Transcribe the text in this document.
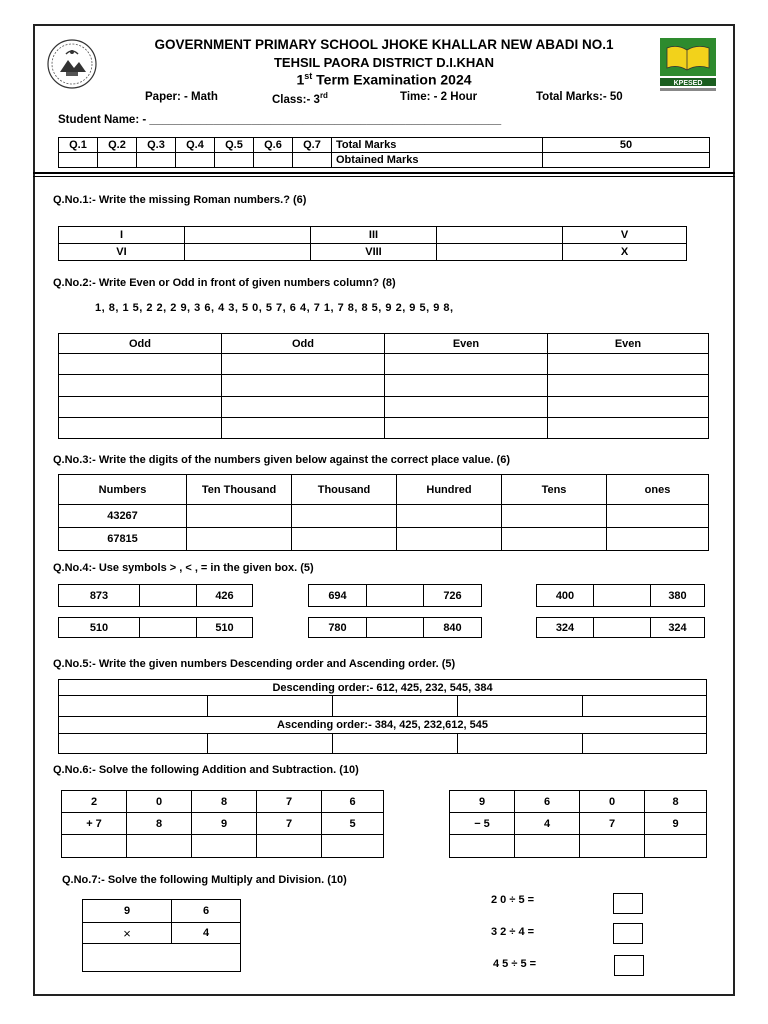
KPESED
GOVERNMENT PRIMARY SCHOOL JHOKE KHALLAR NEW ABADI NO.1
TEHSIL PAORA DISTRICT D.I.KHAN
1st Term Examination 2024
Paper: - Math	Class:- 3rd	Time: - 2 Hour	Total Marks:- 50
Student Name: - _______________________________________________________
Q.1	Q.2	Q.3	Q.4	Q.5	Q.6	Q.7	Total Marks	50
							Obtained Marks	
Q.No.1:- Write the missing Roman numbers.? (6)
I		III		V
VI		VIII		X
Q.No.2:- Write Even or Odd in front of given numbers column? (8)
1, 8, 1 5, 2 2, 2 9, 3 6, 4 3, 5 0, 5 7, 6 4, 7 1, 7 8, 8 5, 9 2, 9 5, 9 8,
Odd	Odd	Even	Even

Q.No.3:- Write the digits of the numbers given below against the correct place value. (6)
Numbers	Ten Thousand	Thousand	Hundred	Tens	ones
43267					
67815					
Q.No.4:- Use symbols > , < , = in the given box. (5)
873		426	694		726	400		380
510		510	780		840	324		324
Q.No.5:- Write the given numbers Descending order and Ascending order. (5)
Descending order:- 612, 425, 232, 545, 384				

Ascending order:- 384, 425, 232,612, 545				

Q.No.6:- Solve the following Addition and Subtraction. (10)
2	0	8	7	6
+ 7	8	9	7	5

9	6	0	8
− 5	4	7	9

Q.No.7:- Solve the following Multiply and Division. (10)
9	6
×	4

2 0 ÷ 5 =
3 2 ÷ 4 =
4 5 ÷ 5 =
